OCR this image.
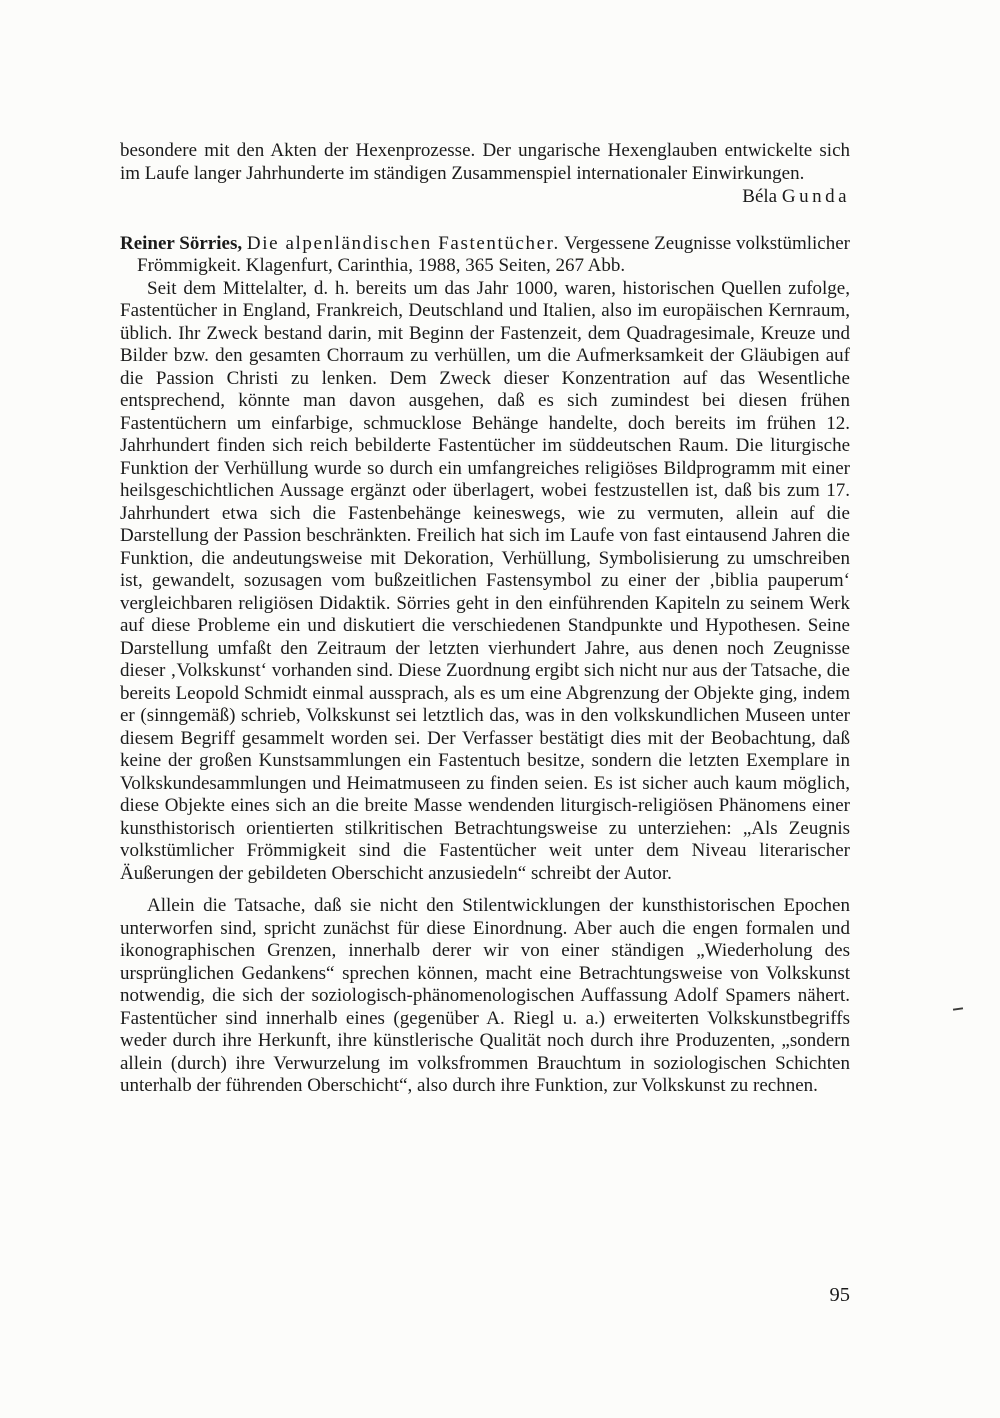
besondere mit den Akten der Hexenprozesse. Der ungarische Hexenglauben entwickelte sich im Laufe langer Jahrhunderte im ständigen Zusammenspiel internationaler Einwirkungen.

Béla Gunda

Reiner Sörries, Die alpenländischen Fastentücher. Vergessene Zeugnisse volkstümlicher Frömmigkeit. Klagenfurt, Carinthia, 1988, 365 Seiten, 267 Abb.

Seit dem Mittelalter, d. h. bereits um das Jahr 1000, waren, historischen Quellen zufolge, Fastentücher in England, Frankreich, Deutschland und Italien, also im europäischen Kernraum, üblich. Ihr Zweck bestand darin, mit Beginn der Fastenzeit, dem Quadragesimale, Kreuze und Bilder bzw. den gesamten Chorraum zu verhüllen, um die Aufmerksamkeit der Gläubigen auf die Passion Christi zu lenken. Dem Zweck dieser Konzentration auf das Wesentliche entsprechend, könnte man davon ausgehen, daß es sich zumindest bei diesen frühen Fastentüchern um einfarbige, schmucklose Behänge handelte, doch bereits im frühen 12. Jahrhundert finden sich reich bebilderte Fastentücher im süddeutschen Raum. Die liturgische Funktion der Verhüllung wurde so durch ein umfangreiches religiöses Bildprogramm mit einer heilsgeschichtlichen Aussage ergänzt oder überlagert, wobei festzustellen ist, daß bis zum 17. Jahrhundert etwa sich die Fastenbehänge keineswegs, wie zu vermuten, allein auf die Darstellung der Passion beschränkten. Freilich hat sich im Laufe von fast eintausend Jahren die Funktion, die andeutungsweise mit Dekoration, Verhüllung, Symbolisierung zu umschreiben ist, gewandelt, sozusagen vom bußzeitlichen Fastensymbol zu einer der ‚biblia pauperum‘ vergleichbaren religiösen Didaktik. Sörries geht in den einführenden Kapiteln zu seinem Werk auf diese Probleme ein und diskutiert die verschiedenen Standpunkte und Hypothesen. Seine Darstellung umfaßt den Zeitraum der letzten vierhundert Jahre, aus denen noch Zeugnisse dieser ‚Volkskunst‘ vorhanden sind. Diese Zuordnung ergibt sich nicht nur aus der Tatsache, die bereits Leopold Schmidt einmal aussprach, als es um eine Abgrenzung der Objekte ging, indem er (sinngemäß) schrieb, Volkskunst sei letztlich das, was in den volkskundlichen Museen unter diesem Begriff gesammelt worden sei. Der Verfasser bestätigt dies mit der Beobachtung, daß keine der großen Kunstsammlungen ein Fastentuch besitze, sondern die letzten Exemplare in Volkskundesammlungen und Heimatmuseen zu finden seien. Es ist sicher auch kaum möglich, diese Objekte eines sich an die breite Masse wendenden liturgisch-religiösen Phänomens einer kunsthistorisch orientierten stilkritischen Betrachtungsweise zu unterziehen: „Als Zeugnis volkstümlicher Frömmigkeit sind die Fastentücher weit unter dem Niveau literarischer Äußerungen der gebildeten Oberschicht anzusiedeln“ schreibt der Autor.

Allein die Tatsache, daß sie nicht den Stilentwicklungen der kunsthistorischen Epochen unterworfen sind, spricht zunächst für diese Einordnung. Aber auch die engen formalen und ikonographischen Grenzen, innerhalb derer wir von einer ständigen „Wiederholung des ursprünglichen Gedankens“ sprechen können, macht eine Betrachtungsweise von Volkskunst notwendig, die sich der soziologisch-phänomenologischen Auffassung Adolf Spamers nähert. Fastentücher sind innerhalb eines (gegenüber A. Riegl u. a.) erweiterten Volkskunstbegriffs weder durch ihre Herkunft, ihre künstlerische Qualität noch durch ihre Produzenten, „sondern allein (durch) ihre Verwurzelung im volksfrommen Brauchtum in soziologischen Schichten unterhalb der führenden Oberschicht“, also durch ihre Funktion, zur Volkskunst zu rechnen.

95
